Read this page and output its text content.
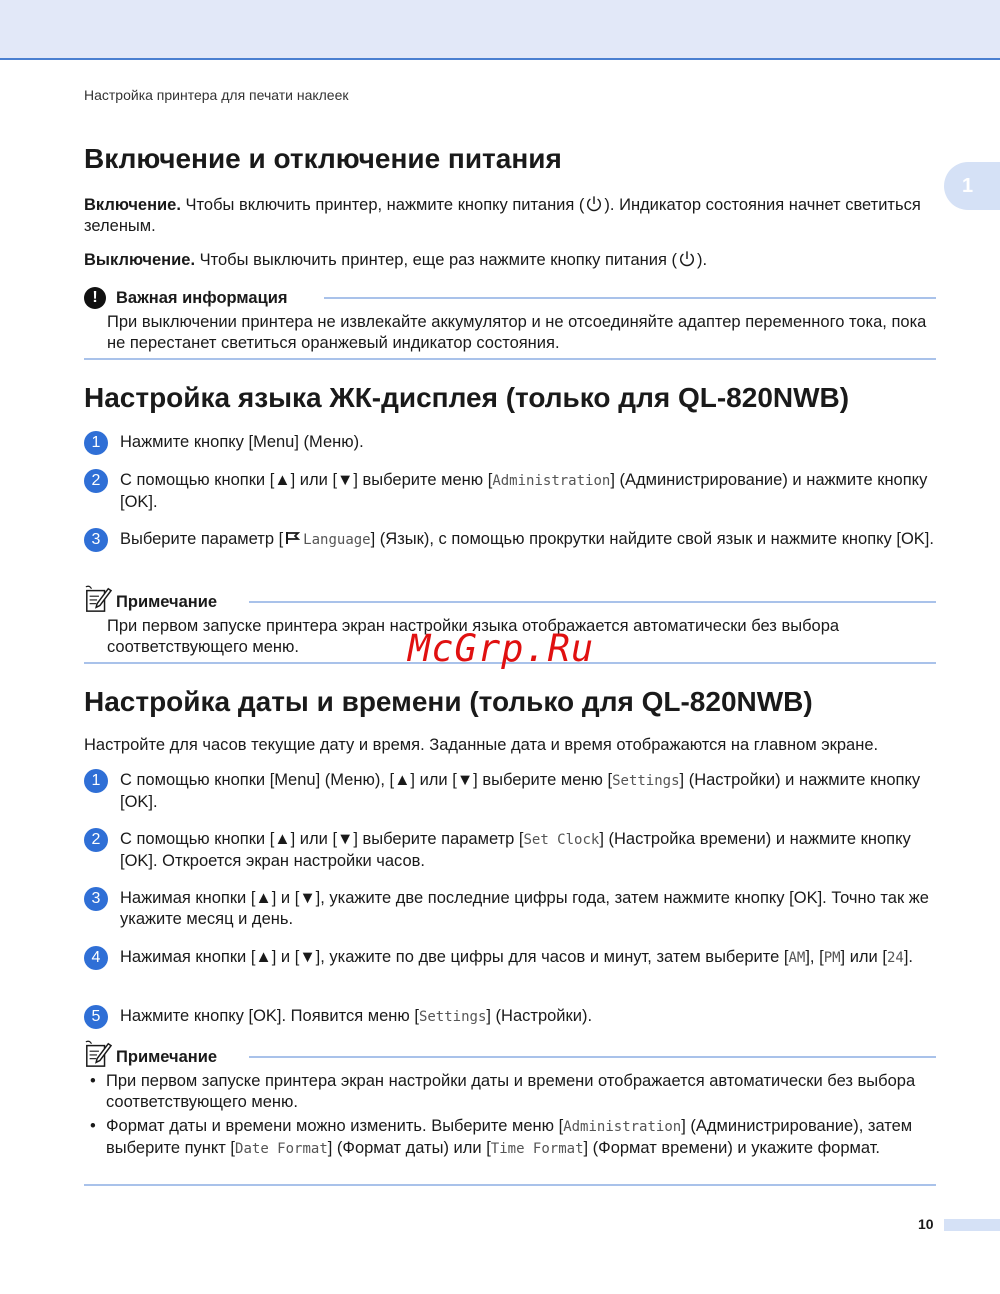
1
Настройка принтера для печати наклеек
Включение и отключение питания

Включение. Чтобы включить принтер, нажмите кнопку питания ( ). Индикатор состояния начнет светиться зеленым.

Выключение. Чтобы выключить принтер, еще раз нажмите кнопку питания ( ).

!	Важная информация

При выключении принтера не извлекайте аккумулятор и не отсоединяйте адаптер переменного тока, пока не перестанет светиться оранжевый индикатор состояния.

Настройка языка ЖК-дисплея (только для QL-820NWB)
1	Нажмите кнопку [Menu] (Меню).

2	С помощью кнопки [▲] или [▼] выберите меню [Administration] (Администрирование) и нажмите кнопку [OK].

3	Выберите параметр [ Language] (Язык), с помощью прокрутки найдите свой язык и нажмите кнопку [OK].

Примечание

При первом запуске принтера экран настройки языка отображается автоматически без выбора соответствующего меню.

Настройка даты и времени (только для QL-820NWB)

Настройте для часов текущие дату и время. Заданные дата и время отображаются на главном экране.

1	С помощью кнопки [Menu] (Меню), [▲] или [▼] выберите меню [Settings] (Настройки) и нажмите кнопку [OK].

2	С помощью кнопки [▲] или [▼] выберите параметр [Set Clock] (Настройка времени) и нажмите кнопку [OK]. Откроется экран настройки часов.

3	Нажимая кнопки [▲] и [▼], укажите две последние цифры года, затем нажмите кнопку [OK]. Точно так же укажите месяц и день.

4	Нажимая кнопки [▲] и [▼], укажите по две цифры для часов и минут, затем выберите [AM], [PM] или [24].

5	Нажмите кнопку [OK]. Появится меню [Settings] (Настройки).

Примечание
• При первом запуске принтера экран настройки даты и времени отображается автоматически без выбора соответствующего меню.
• Формат даты и времени можно изменить. Выберите меню [Administration] (Администрирование), затем выберите пункт [Date Format] (Формат даты) или [Time Format] (Формат времени) и укажите формат.
McGrp.Ru
10
